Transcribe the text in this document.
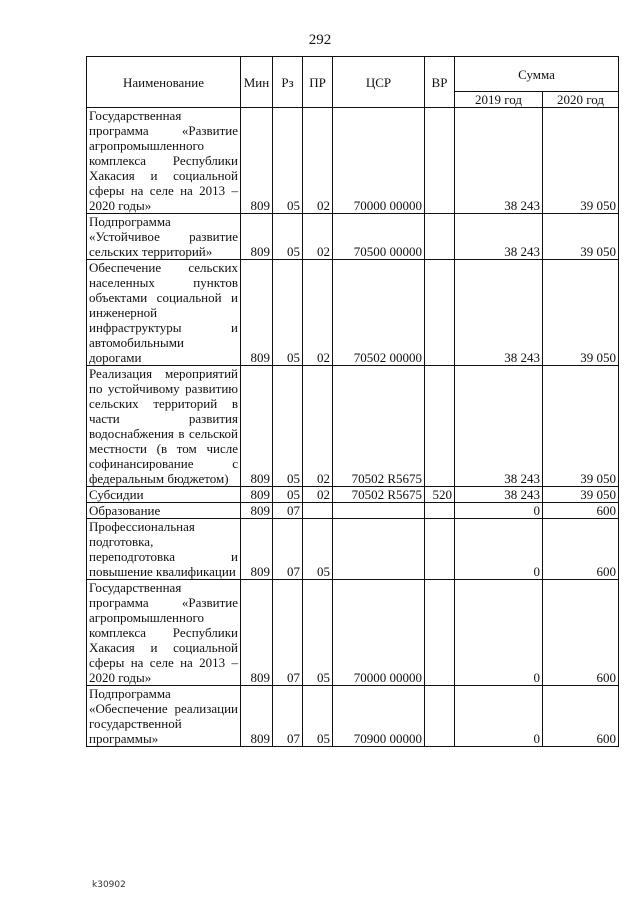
292
Наименование	Мин	Рз	ПР	ЦСР	ВР	Сумма	
						2019 год	2020 год
Государственная программа «Развитие агропромышленного комплекса Республики Хакасия и социальной сферы на селе на 2013 – 2020 годы»	809	05	02	70000 00000		38 243	39 050
Подпрограмма «Устойчивое развитие сельских территорий»	809	05	02	70500 00000		38 243	39 050
Обеспечение сельских населенных пунктов объектами социальной и инженерной инфраструктуры и автомобильными дорогами	809	05	02	70502 00000		38 243	39 050
Реализация мероприятий по устойчивому развитию сельских территорий в части развития водоснабжения в сельской местности (в том числе софинансирование с федеральным бюджетом)	809	05	02	70502 R5675		38 243	39 050
Субсидии	809	05	02	70502 R5675	520	38 243	39 050
Образование	809	07				0	600
Профессиональная подготовка, переподготовка и повышение квалификации	809	07	05			0	600
Государственная программа «Развитие агропромышленного комплекса Республики Хакасия и социальной сферы на селе на 2013 – 2020 годы»	809	07	05	70000 00000		0	600
Подпрограмма «Обеспечение реализации государственной программы»	809	07	05	70900 00000		0	600
k30902
